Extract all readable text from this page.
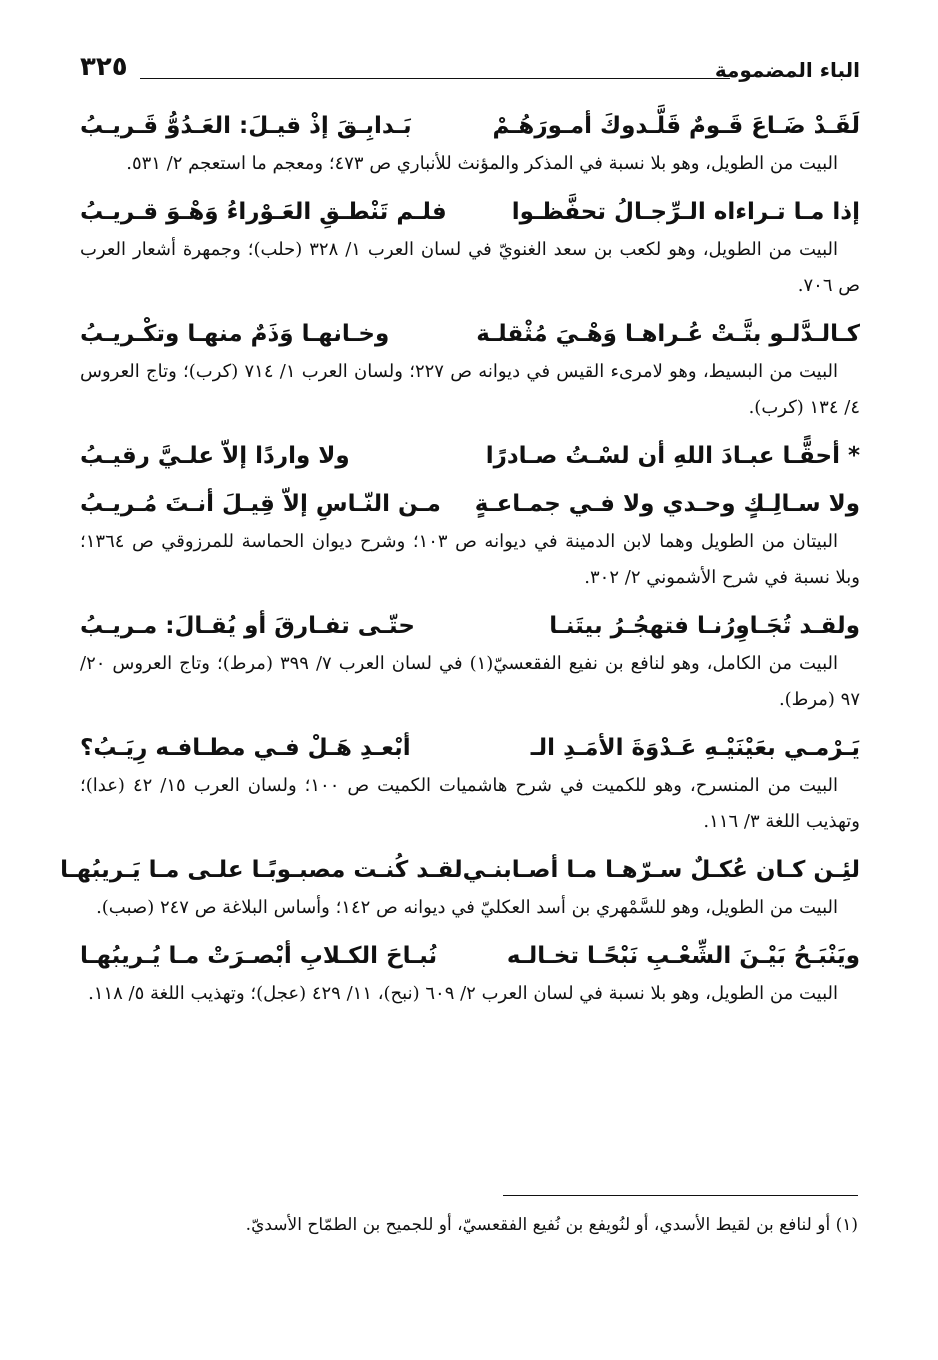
الباء المضمومة
٣٢٥
لَقَـدْ ضَـاعَ قَـومٌ قَلَّـدوكَ أمـورَهُـمْ
بَـدابِـقَ إذْ قيـلَ: العَـدُوُّ قَـريـبُ

البيت من الطويل، وهو بلا نسبة في المذكر والمؤنث للأنباري ص ٤٧٣؛ ومعجم ما استعجم ٢/ ٥٣١.

إذا مـا تـراءاه الـرِّجـالُ تحفَّظـوا
فلـم تَنْطـقِ العَـوْراءُ وَهْـوَ قـريـبُ

البيت من الطويل، وهو لكعب بن سعد الغنويّ في لسان العرب ١/ ٣٢٨ (حلب)؛ وجمهرة أشعار العرب ص ٧٠٦.

كـالـدَّلـو بتَّـتْ عُـراهـا وَهْـيَ مُثْقلـة
وخـانهـا وَذَمٌ منهـا وتكْـريـبُ

البيت من البسيط، وهو لامرىء القيس في ديوانه ص ٢٢٧؛ ولسان العرب ١/ ٧١٤ (كرب)؛ وتاج العروس ٤/ ١٣٤ (كرب).

* أحقًّـا عبـادَ اللهِ أن لسْـتُ صـادرًا
ولا واردًا إلاّ علـيَّ رقيـبُ
ولا سـالِـكٍ وحـدي ولا فـي جمـاعـةٍ
مـن النّـاسِ إلاّ قِيـلَ أنـتَ مُـريـبُ

البيتان من الطويل وهما لابن الدمينة في ديوانه ص ١٠٣؛ وشرح ديوان الحماسة للمرزوقي ص ١٣٦٤؛ وبلا نسبة في شرح الأشموني ٢/ ٣٠٢.

ولقـد تُجَـاوِرُنـا فتهجُـرُ بيتَنـا
حتّـى تفـارقَ أو يُقـالَ: مـريـبُ

البيت من الكامل، وهو لنافع بن نفيع الفقعسيّ(١) في لسان العرب ٧/ ٣٩٩ (مرط)؛ وتاج العروس ٢٠/ ٩٧ (مرط).

يَـرْمـي بعَيْنَيْـهِ عَـدْوَةَ الأمَـدِ الـ
أبْعـدِ هَـلْ فـي مطـافـه رِيَـبُ؟

البيت من المنسرح، وهو للكميت في شرح هاشميات الكميت ص ١٠٠؛ ولسان العرب ١٥/ ٤٢ (عدا)؛ وتهذيب اللغة ٣/ ١١٦.

لئِـن كـان عُكـلٌ سـرّهـا مـا أصـابنـي
لقـد كُنـت مصبـوبًـا علـى مـا يَـريبُهـا

البيت من الطويل، وهو للسَّمْهري بن أسد العكليّ في ديوانه ص ١٤٢؛ وأساس البلاغة ص ٢٤٧ (صبب).

ويَنْبَـحُ بَيْـنَ الشِّعْـبِ نَبْحًـا تخـالـه
نُبـاحَ الكـلابِ أبْصـرَتْ مـا يُـريبُهـا

البيت من الطويل، وهو بلا نسبة في لسان العرب ٢/ ٦٠٩ (نبح)، ١١/ ٤٢٩ (عجل)؛ وتهذيب اللغة ٥/ ١١٨.

(١) أو لنافع بن لقيط الأسدي، أو لنُويفع بن نُفيع الفقعسيّ، أو للجميح بن الطمّاح الأسديّ.
